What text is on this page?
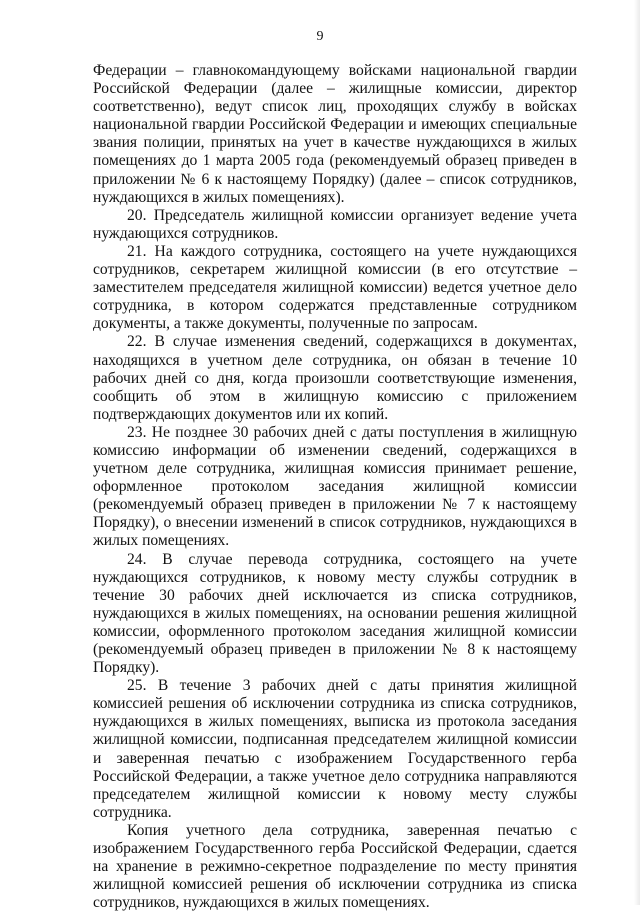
9

Федерации – главнокомандующему войсками национальной гвардии Российской Федерации (далее – жилищные комиссии, директор соответственно), ведут список лиц, проходящих службу в войсках национальной гвардии Российской Федерации и имеющих специальные звания полиции, принятых на учет в качестве нуждающихся в жилых помещениях до 1 марта 2005 года (рекомендуемый образец приведен в приложении № 6 к настоящему Порядку) (далее – список сотрудников, нуждающихся в жилых помещениях).

20. Председатель жилищной комиссии организует ведение учета нуждающихся сотрудников.

21. На каждого сотрудника, состоящего на учете нуждающихся сотрудников, секретарем жилищной комиссии (в его отсутствие – заместителем председателя жилищной комиссии) ведется учетное дело сотрудника, в котором содержатся представленные сотрудником документы, а также документы, полученные по запросам.

22. В случае изменения сведений, содержащихся в документах, находящихся в учетном деле сотрудника, он обязан в течение 10 рабочих дней со дня, когда произошли соответствующие изменения, сообщить об этом в жилищную комиссию с приложением подтверждающих документов или их копий.

23. Не позднее 30 рабочих дней с даты поступления в жилищную комиссию информации об изменении сведений, содержащихся в учетном деле сотрудника, жилищная комиссия принимает решение, оформленное протоколом заседания жилищной комиссии (рекомендуемый образец приведен в приложении № 7 к настоящему Порядку), о внесении изменений в список сотрудников, нуждающихся в жилых помещениях.

24. В случае перевода сотрудника, состоящего на учете нуждающихся сотрудников, к новому месту службы сотрудник в течение 30 рабочих дней исключается из списка сотрудников, нуждающихся в жилых помещениях, на основании решения жилищной комиссии, оформленного протоколом заседания жилищной комиссии (рекомендуемый образец приведен в приложении № 8 к настоящему Порядку).

25. В течение 3 рабочих дней с даты принятия жилищной комиссией решения об исключении сотрудника из списка сотрудников, нуждающихся в жилых помещениях, выписка из протокола заседания жилищной комиссии, подписанная председателем жилищной комиссии и заверенная печатью с изображением Государственного герба Российской Федерации, а также учетное дело сотрудника направляются председателем жилищной комиссии к новому месту службы сотрудника.

Копия учетного дела сотрудника, заверенная печатью с изображением Государственного герба Российской Федерации, сдается на хранение в режимно-секретное подразделение по месту принятия жилищной комиссией решения об исключении сотрудника из списка сотрудников, нуждающихся в жилых помещениях.
